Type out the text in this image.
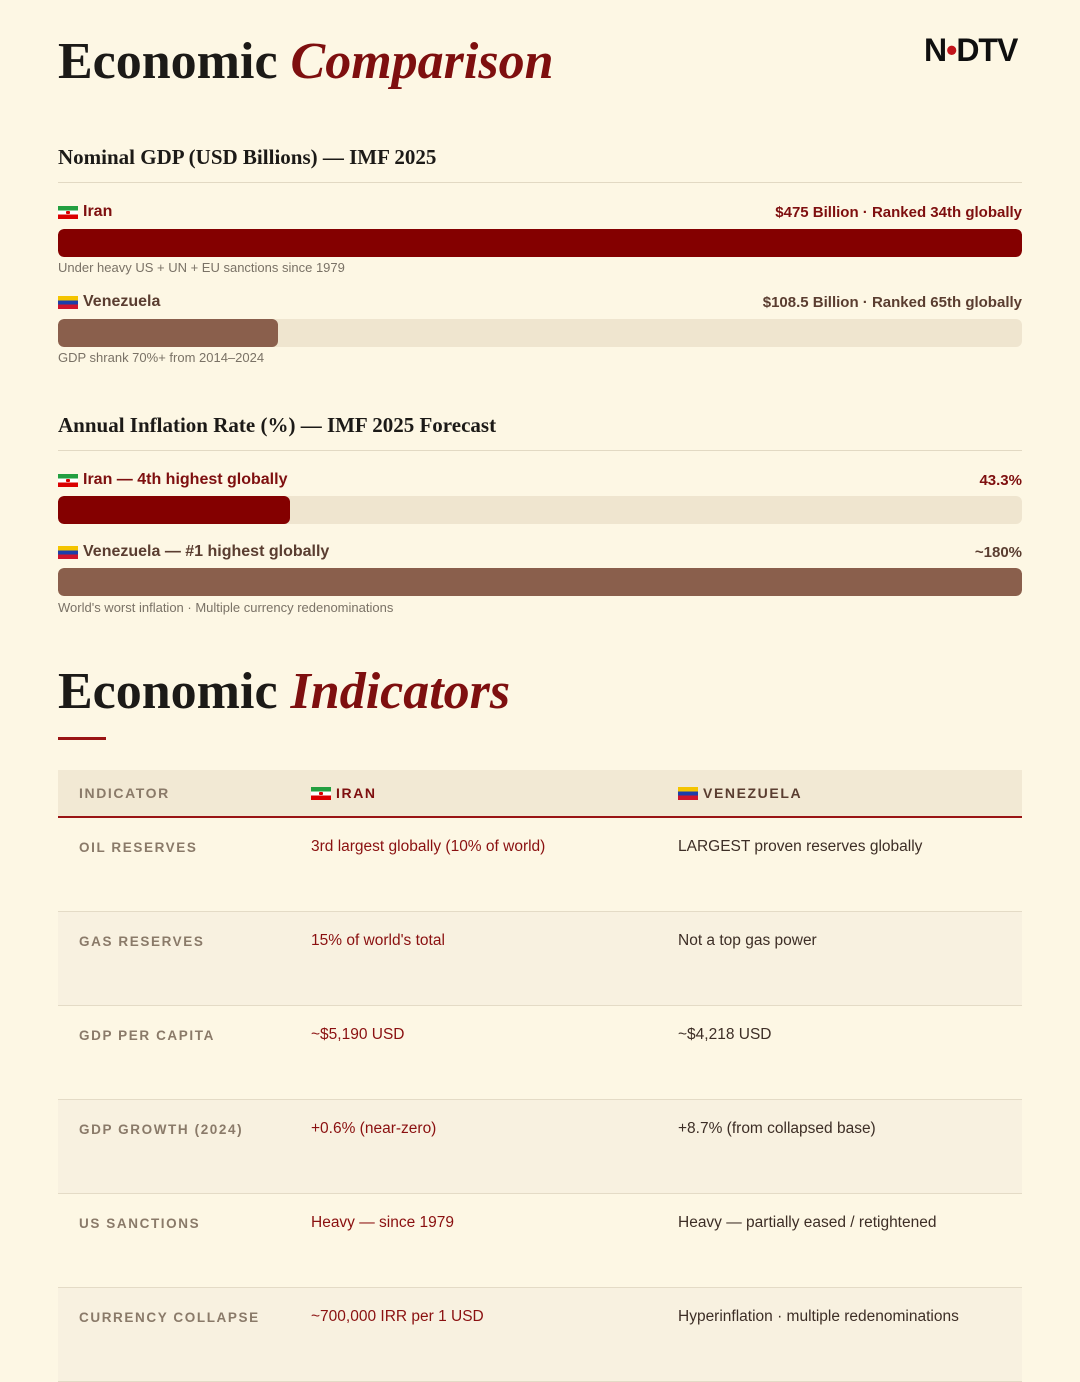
Economic Comparison	N•DTV
Nominal GDP (USD Billions) — IMF 2025
Iran	$475 Billion · Ranked 34th globally
Under heavy US + UN + EU sanctions since 1979
Venezuela	$108.5 Billion · Ranked 65th globally
GDP shrank 70%+ from 2014–2024
Annual Inflation Rate (%) — IMF 2025 Forecast
Iran — 4th highest globally	43.3%
Venezuela — #1 highest globally	~180%
World's worst inflation · Multiple currency redenominations
Economic Indicators
INDICATOR	IRAN	VENEZUELA
OIL RESERVES	3rd largest globally (10% of world)	LARGEST proven reserves globally
GAS RESERVES	15% of world's total	Not a top gas power
GDP PER CAPITA	~$5,190 USD	~$4,218 USD
GDP GROWTH (2024)	+0.6% (near-zero)	+8.7% (from collapsed base)
US SANCTIONS	Heavy — since 1979	Heavy — partially eased / retightened
CURRENCY COLLAPSE	~700,000 IRR per 1 USD	Hyperinflation · multiple redenominations
